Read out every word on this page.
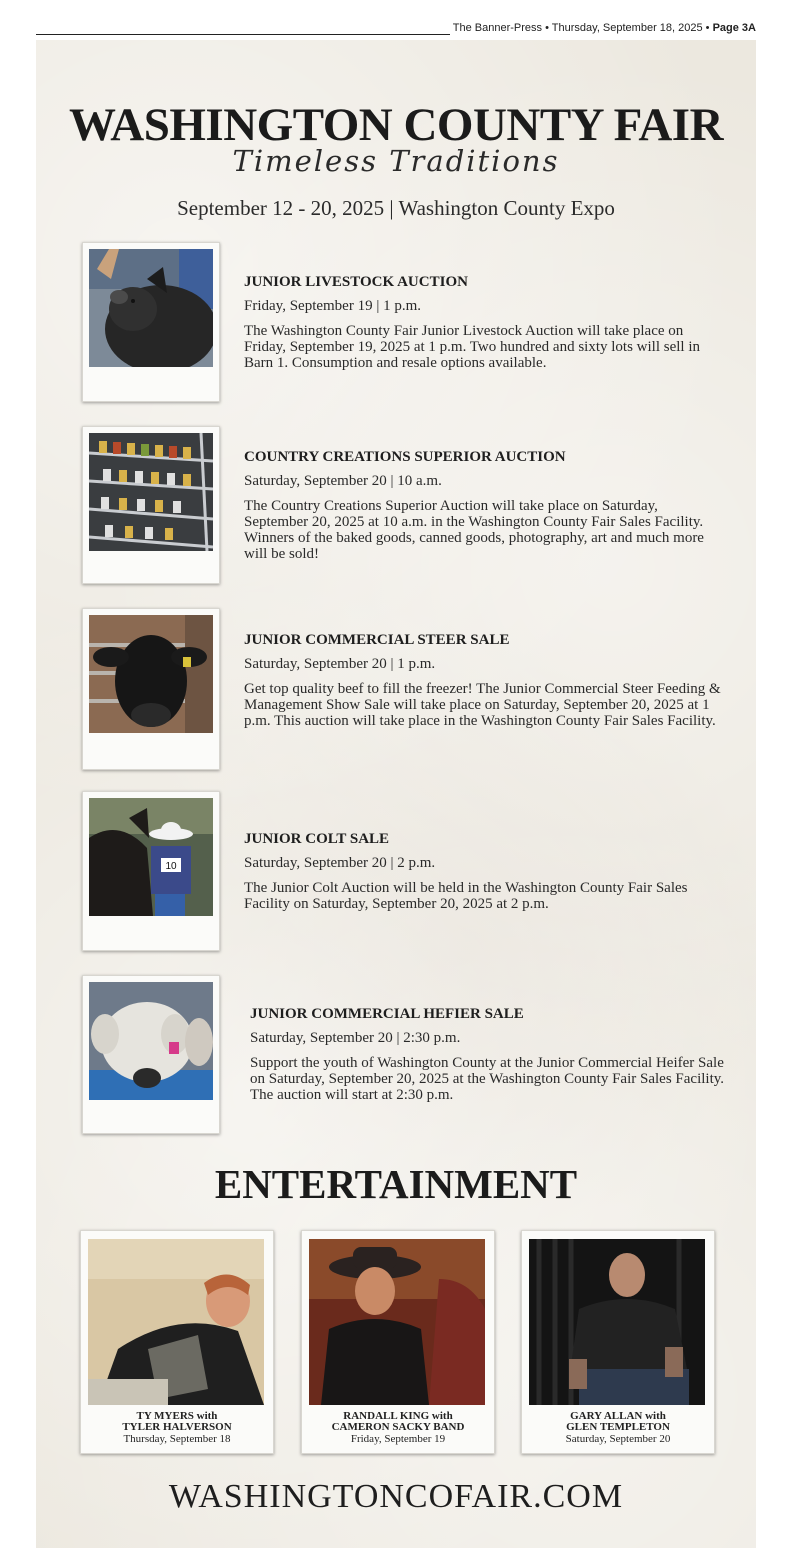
The Banner-Press • Thursday, September 18, 2025 • Page 3A
WASHINGTON COUNTY FAIR
Timeless Traditions
September 12 - 20, 2025 | Washington County Expo
JUNIOR LIVESTOCK AUCTION
Friday, September 19 | 1 p.m.
The Washington County Fair Junior Livestock Auction will take place on Friday, September 19, 2025 at 1 p.m. Two hundred and sixty lots will sell in Barn 1. Consumption and resale options available.
COUNTRY CREATIONS SUPERIOR AUCTION
Saturday, September 20 | 10 a.m.
The Country Creations Superior Auction will take place on Saturday, September 20, 2025 at 10 a.m. in the Washington County Fair Sales Facility. Winners of the baked goods, canned goods, photography, art and much more will be sold!
JUNIOR COMMERCIAL STEER SALE
Saturday, September 20 | 1 p.m.
Get top quality beef to fill the freezer! The Junior Commercial Steer Feeding & Management Show Sale will take place on Saturday, September 20, 2025 at 1 p.m. This auction will take place in the Washington County Fair Sales Facility.
10
JUNIOR COLT SALE
Saturday, September 20 | 2 p.m.
The Junior Colt Auction will be held in the Washington County Fair Sales Facility on Saturday, September 20, 2025 at 2 p.m.
JUNIOR COMMERCIAL HEFIER SALE
Saturday, September 20 | 2:30 p.m.
Support the youth of Washington County at the Junior Commercial Heifer Sale on Saturday, September 20, 2025 at the Washington County Fair Sales Facility. The auction will start at 2:30 p.m.
ENTERTAINMENT
TY MYERS with
TYLER HALVERSON
Thursday, September 18
RANDALL KING with
CAMERON SACKY BAND
Friday, September 19
GARY ALLAN with
GLEN TEMPLETON
Saturday, September 20
WASHINGTONCOFAIR.COM
